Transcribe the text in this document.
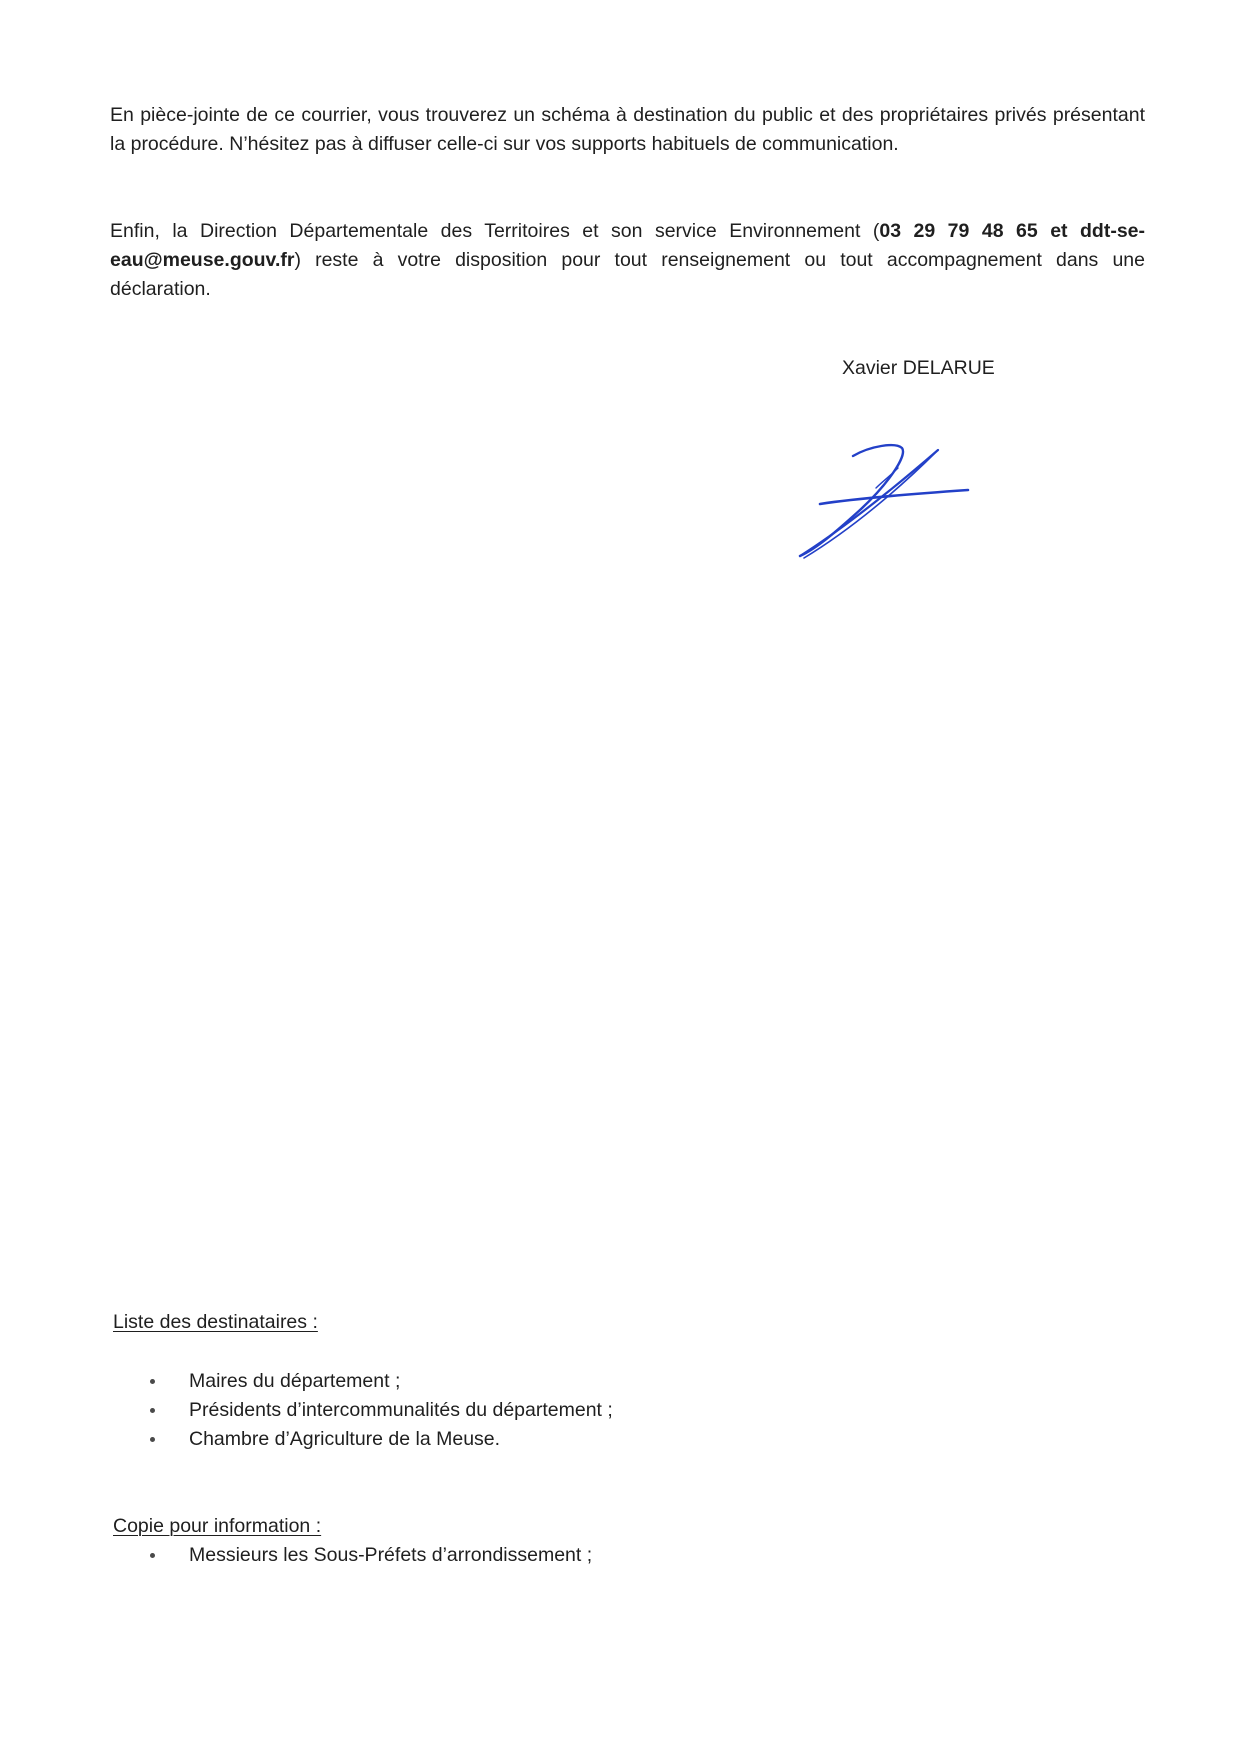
En pièce-jointe de ce courrier, vous trouverez un schéma à destination du public et des propriétaires privés présentant la procédure. N’hésitez pas à diffuser celle-ci sur vos supports habituels de communication.

Enfin, la Direction Départementale des Territoires et son service Environnement (03 29 79 48 65 et ddt-se-eau@meuse.gouv.fr) reste à votre disposition pour tout renseignement ou tout accompagnement dans une déclaration.

Xavier DELARUE
Liste des destinataires :
Maires du département ;
Présidents d’intercommunalités du département ;
Chambre d’Agriculture de la Meuse.
Copie pour information :
Messieurs les Sous-Préfets d’arrondissement ;
